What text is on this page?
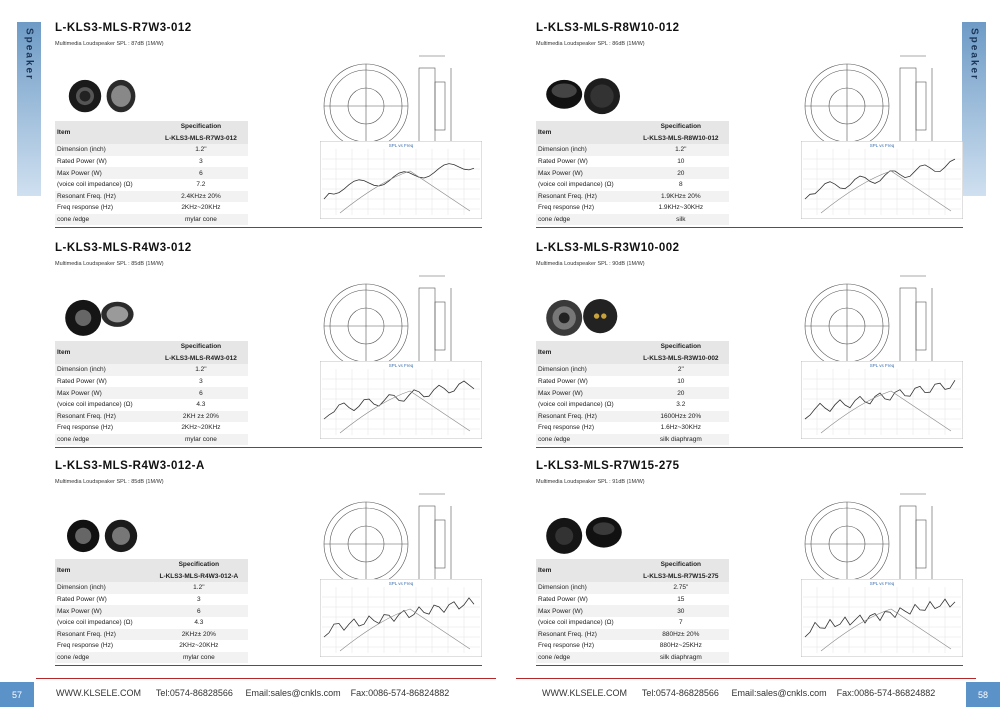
Speaker	Speaker
L-KLS3-MLS-R7W3-012
Multimedia Loudspeaker SPL : 87dB (1M/W)
SPL vs Freq
Item	Specification
	L-KLS3-MLS-R7W3-012
Dimension (inch)	1.2"
Rated Power (W)	3
Max Power (W)	6
(voice coil impedance) (Ω)	7.2
Resonant Freq. (Hz)	2.4KHz± 20%
Freq response (Hz)	2KHz~20KHz
cone /edge	mylar cone
L-KLS3-MLS-R8W10-012
Multimedia Loudspeaker SPL : 86dB (1M/W)
SPL vs Freq
Item	Specification
	L-KLS3-MLS-R8W10-012
Dimension (inch)	1.2"
Rated Power (W)	10
Max Power (W)	20
(voice coil impedance) (Ω)	8
Resonant Freq. (Hz)	1.9KHz± 20%
Freq response (Hz)	1.9KHz~30KHz
cone /edge	silk
L-KLS3-MLS-R4W3-012
Multimedia Loudspeaker SPL : 85dB (1M/W)
SPL vs Freq
Item	Specification
	L-KLS3-MLS-R4W3-012
Dimension (inch)	1.2"
Rated Power (W)	3
Max Power (W)	6
(voice coil impedance) (Ω)	4.3
Resonant Freq. (Hz)	2KH z± 20%
Freq response (Hz)	2KHz~20KHz
cone /edge	mylar cone
L-KLS3-MLS-R3W10-002
Multimedia Loudspeaker SPL : 90dB (1M/W)
SPL vs Freq
Item	Specification
	L-KLS3-MLS-R3W10-002
Dimension (inch)	2"
Rated Power (W)	10
Max Power (W)	20
(voice coil impedance) (Ω)	3.2
Resonant Freq. (Hz)	1600Hz± 20%
Freq response (Hz)	1.6Hz~30KHz
cone /edge	silk diaphragm
L-KLS3-MLS-R4W3-012-A
Multimedia Loudspeaker SPL : 85dB (1M/W)
SPL vs Freq
Item	Specification
	L-KLS3-MLS-R4W3-012-A
Dimension (inch)	1.2"
Rated Power (W)	3
Max Power (W)	6
(voice coil impedance) (Ω)	4.3
Resonant Freq. (Hz)	2KHz± 20%
Freq response (Hz)	2KHz~20KHz
cone /edge	mylar cone
L-KLS3-MLS-R7W15-275
Multimedia Loudspeaker SPL : 91dB (1M/W)
SPL vs Freq
Item	Specification
	L-KLS3-MLS-R7W15-275
Dimension (inch)	2.75"
Rated Power (W)	15
Max Power (W)	30
(voice coil impedance) (Ω)	7
Resonant Freq. (Hz)	880Hz± 20%
Freq response (Hz)	880Hz~25KHz
cone /edge	silk diaphragm
57	58
WWW.KLSELE.COM Tel:0574-86828566 Email:sales@cnkls.com Fax:0086-574-86824882	WWW.KLSELE.COM Tel:0574-86828566 Email:sales@cnkls.com Fax:0086-574-86824882
